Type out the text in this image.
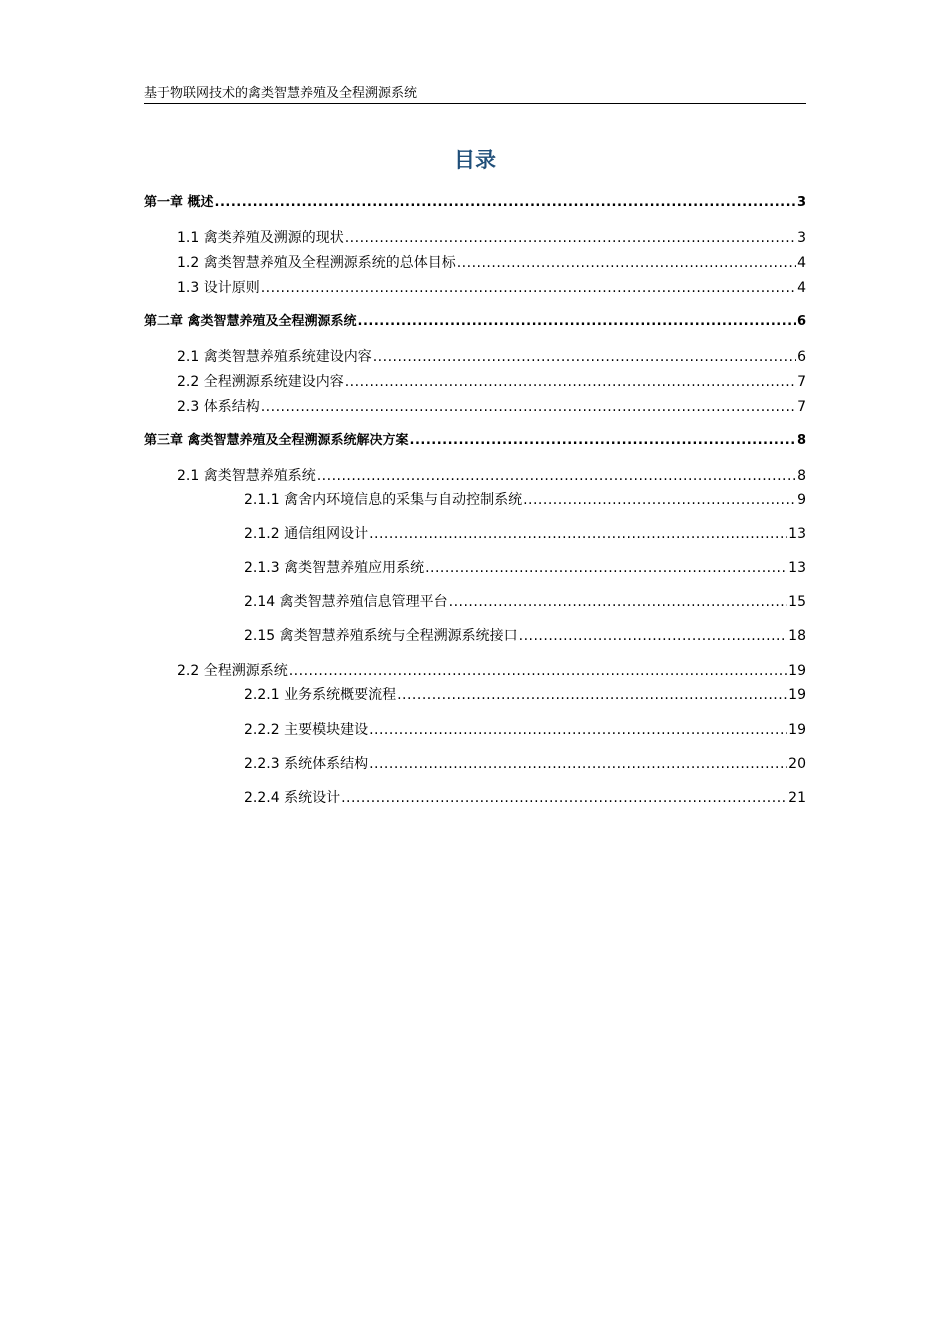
基于物联网技术的禽类智慧养殖及全程溯源系统
目录
第一章 概述 .....	3
1.1 禽类养殖及溯源的现状 .....	3
1.2 禽类智慧养殖及全程溯源系统的总体目标 .....	4
1.3 设计原则 .....	4
第二章 禽类智慧养殖及全程溯源系统 .....	6
2.1 禽类智慧养殖系统建设内容 .....	6
2.2 全程溯源系统建设内容 .....	7
2.3 体系结构 .....	7
第三章 禽类智慧养殖及全程溯源系统解决方案 .....	8
2.1 禽类智慧养殖系统 .....	8
2.1.1 禽舍内环境信息的采集与自动控制系统 .....	9
2.1.2 通信组网设计 .....	13
2.1.3 禽类智慧养殖应用系统 .....	13
2.14 禽类智慧养殖信息管理平台 .....	15
2.15 禽类智慧养殖系统与全程溯源系统接口 .....	18
2.2 全程溯源系统 .....	19
2.2.1 业务系统概要流程 .....	19
2.2.2 主要模块建设 .....	19
2.2.3 系统体系结构 .....	20
2.2.4 系统设计 .....	21
